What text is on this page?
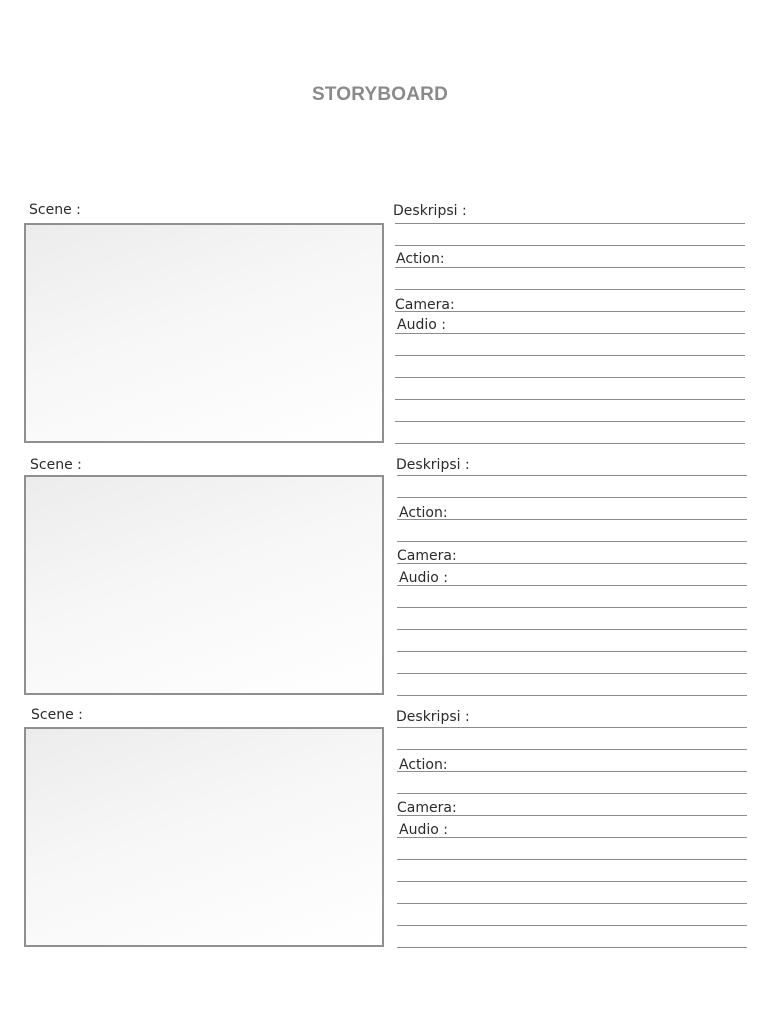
STORYBOARD
Scene :	Deskripsi :
Action:
Camera:
Audio :
Scene :	Deskripsi :
Action:
Camera:
Audio :
Scene :	Deskripsi :
Action:
Camera:
Audio :
